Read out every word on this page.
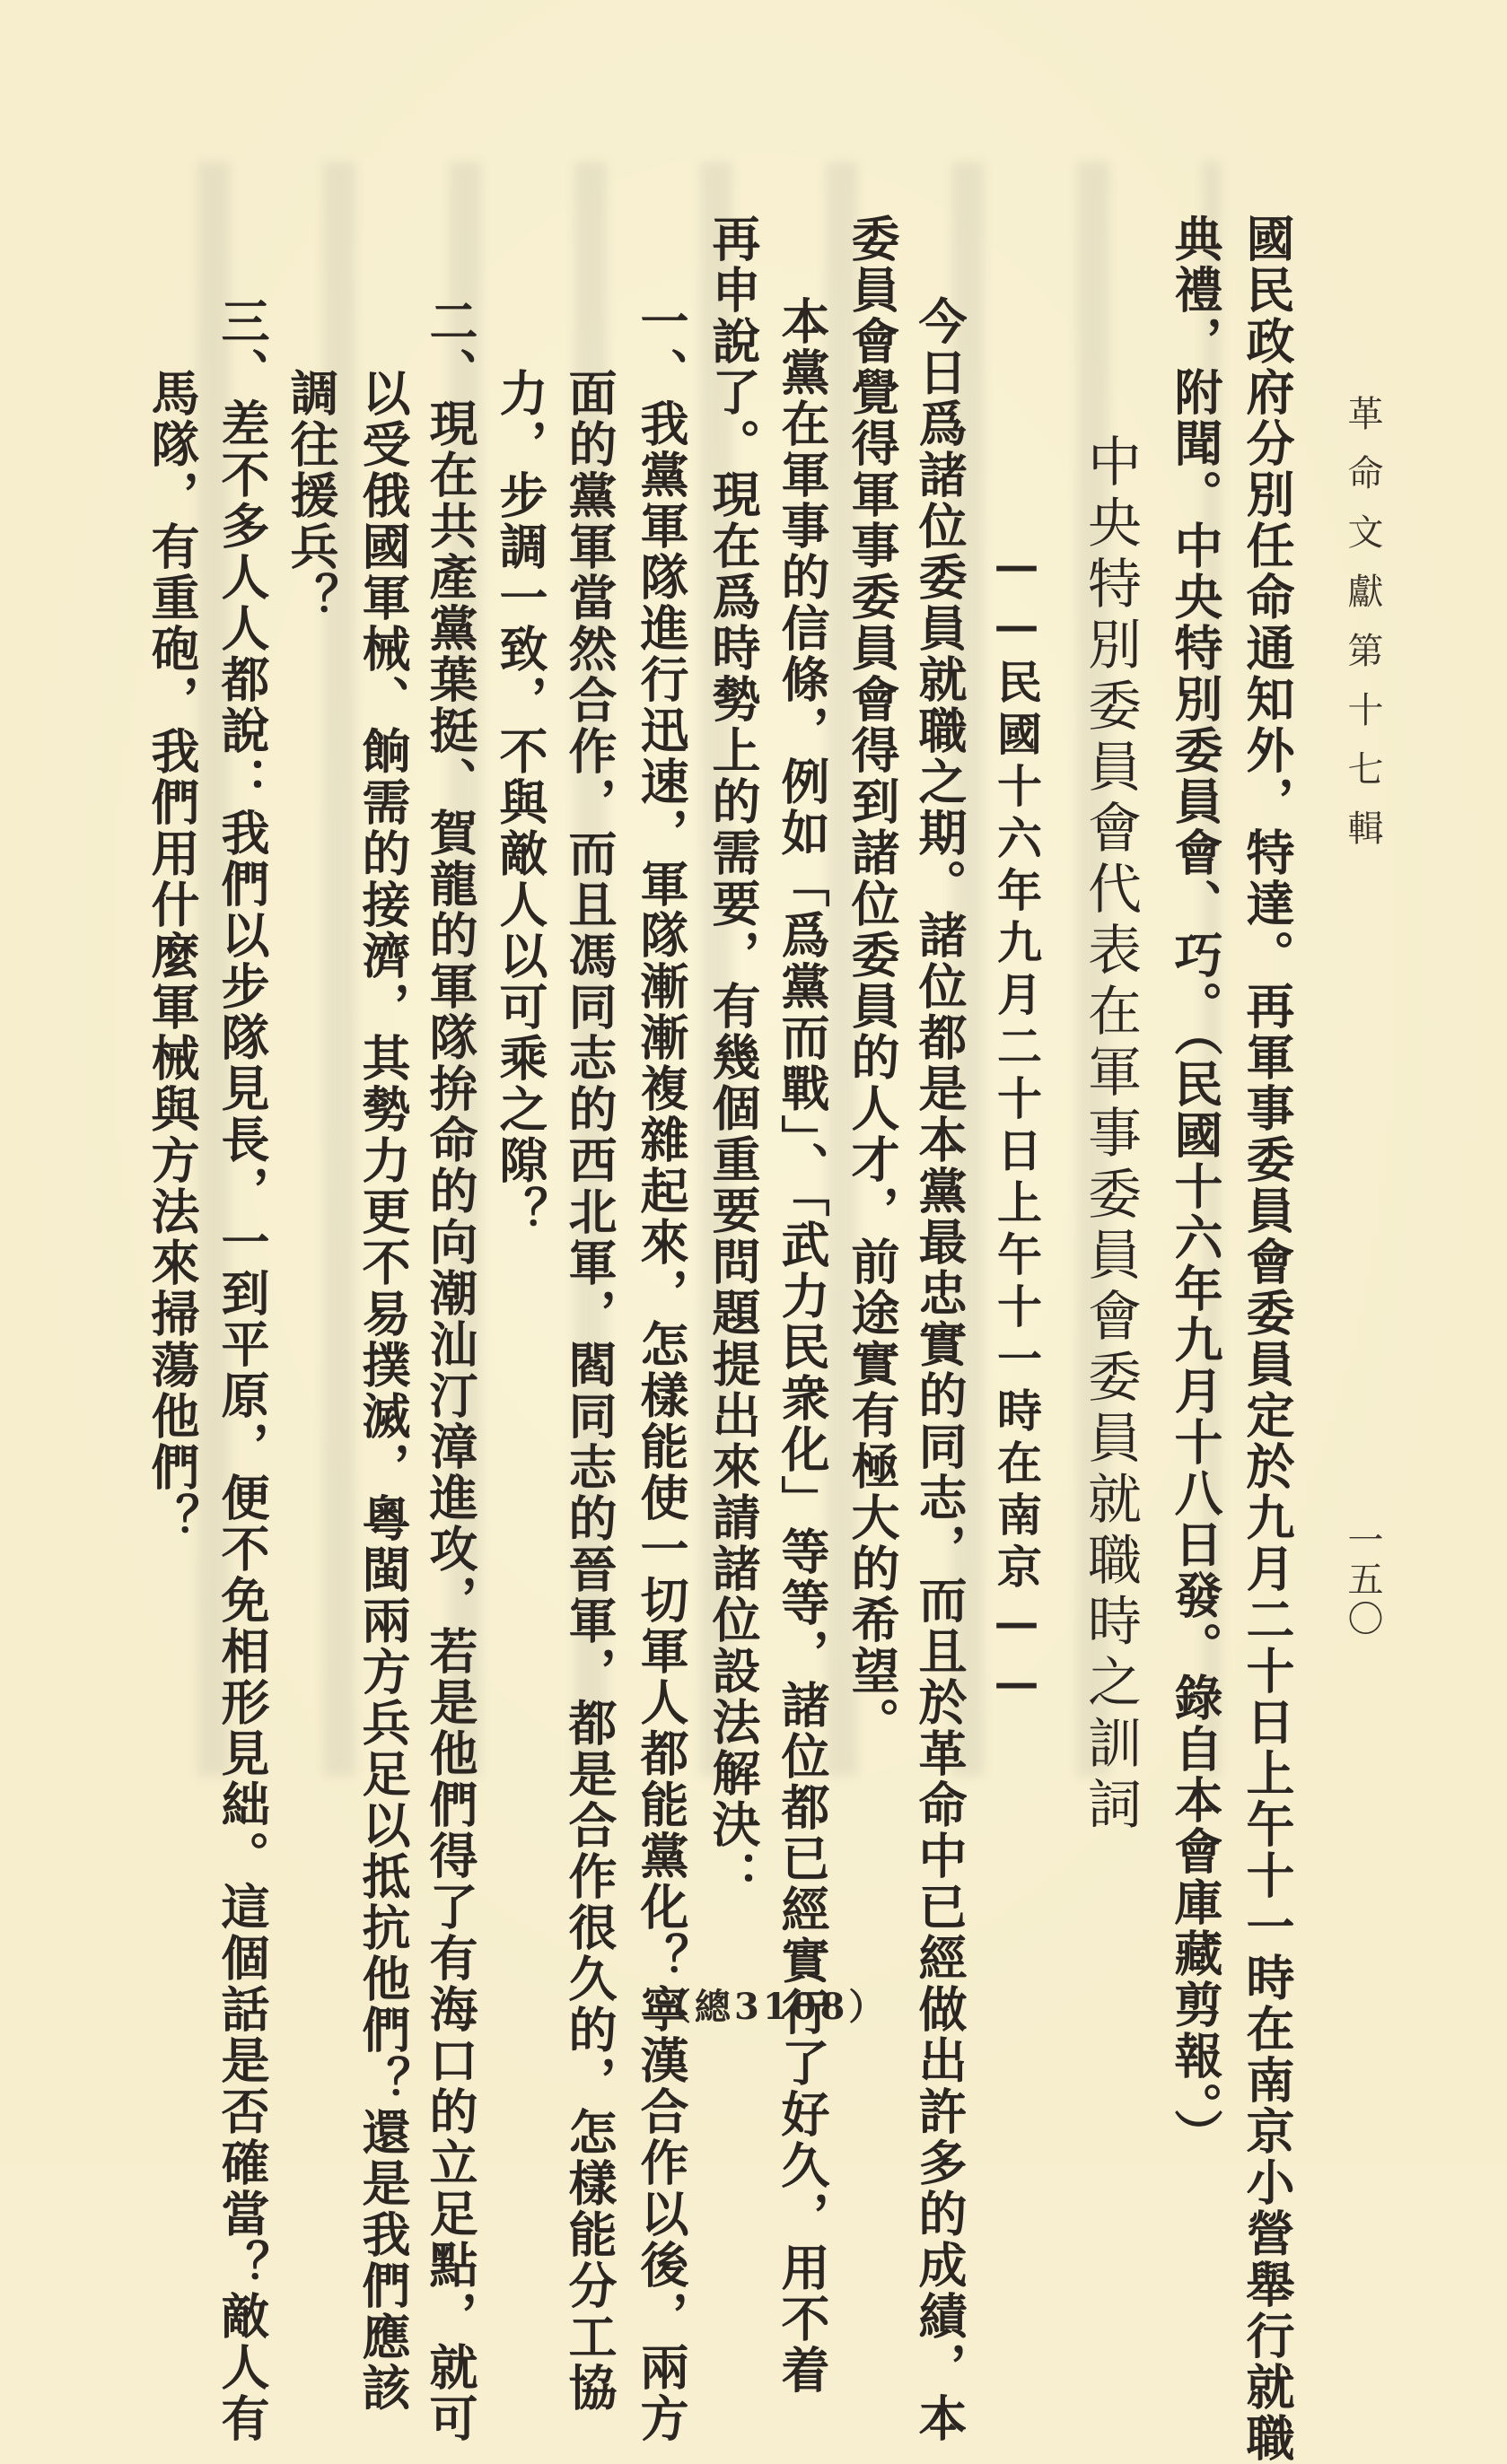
革命文獻第十七輯
一五〇
國民政府分別任命通知外，特達。再軍事委員會委員定於九月二十日上午十一時在南京小營舉行就職
典禮，附聞。中央特別委員會、巧。（民國十六年九月十八日發。錄自本會庫藏剪報。）
中央特別委員會代表在軍事委員會委員就職時之訓詞
——民國十六年九月二十日上午十一時在南京——
今日爲諸位委員就職之期。諸位都是本黨最忠實的同志，而且於革命中已經做出許多的成績，本
委員會覺得軍事委員會得到諸位委員的人才，前途實有極大的希望。
本黨在軍事的信條，例如「爲黨而戰」、「武力民衆化」等等，諸位都已經實行了好久，用不着
再申說了。現在爲時勢上的需要，有幾個重要問題提出來請諸位設法解決：
一、我黨軍隊進行迅速，軍隊漸漸複雜起來，怎樣能使一切軍人都能黨化？寧漢合作以後，兩方
面的黨軍當然合作，而且馮同志的西北軍，閻同志的晉軍，都是合作很久的，怎樣能分工協
力，步調一致，不與敵人以可乘之隙？
二、現在共產黨葉挺、賀龍的軍隊拚命的向潮汕汀漳進攻，若是他們得了有海口的立足點，就可
以受俄國軍械、餉需的接濟，其勢力更不易撲滅，粵閩兩方兵足以抵抗他們？還是我們應該
調往援兵？
三、差不多人人都說：我們以步隊見長，一到平原，便不免相形見絀。這個話是否確當？敵人有
馬隊，有重砲，我們用什麼軍械與方法來掃蕩他們？
（總3108）
